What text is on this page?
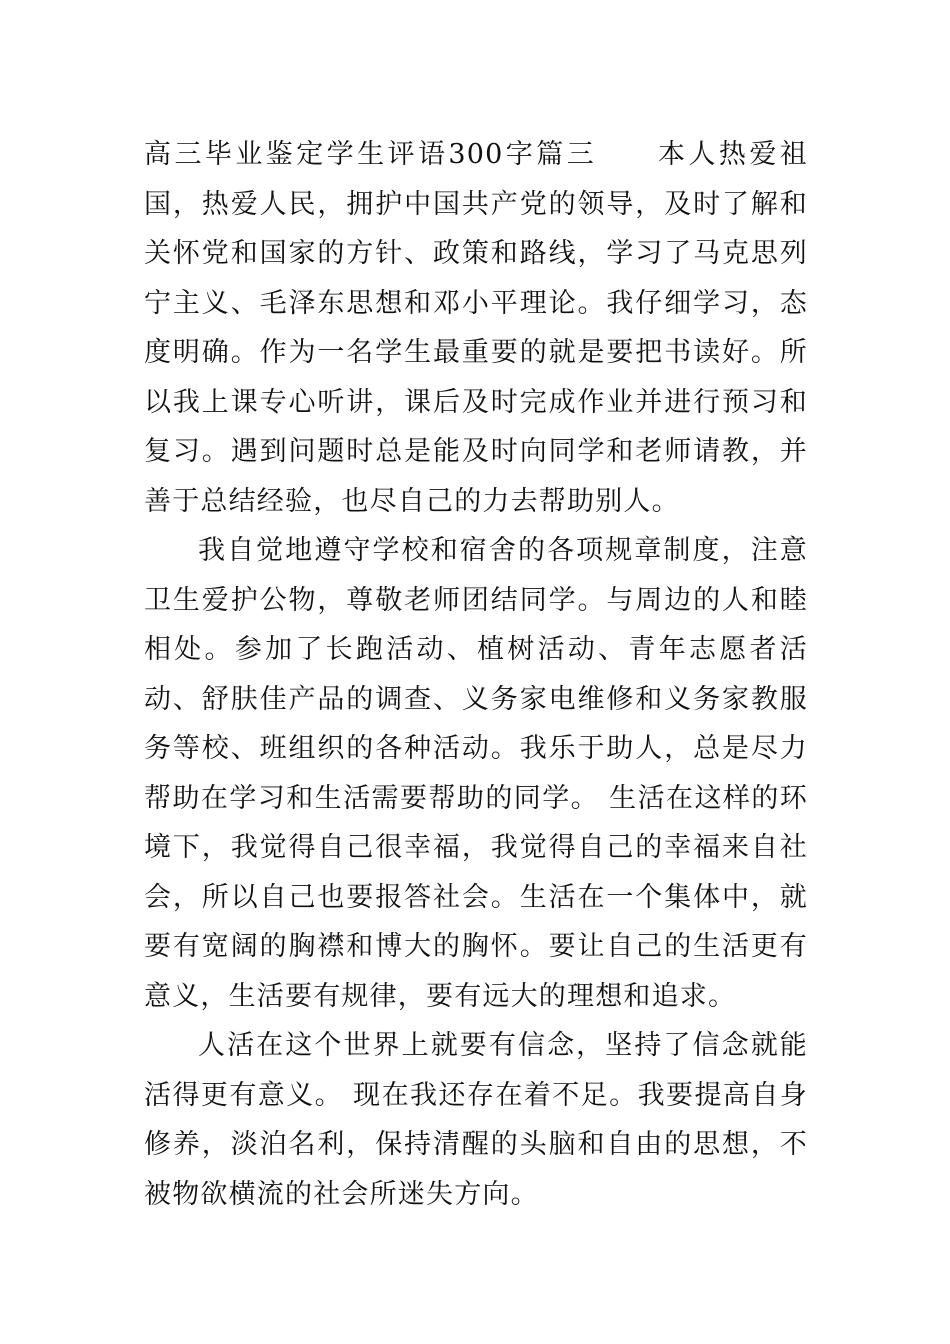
高三毕业鉴定学生评语300字篇三　　本人热爱祖国，热爱人民，拥护中国共产党的领导，及时了解和关怀党和国家的方针、政策和路线，学习了马克思列宁主义、毛泽东思想和邓小平理论。我仔细学习，态度明确。作为一名学生最重要的就是要把书读好。所以我上课专心听讲，课后及时完成作业并进行预习和复习。遇到问题时总是能及时向同学和老师请教，并善于总结经验，也尽自己的力去帮助别人。

我自觉地遵守学校和宿舍的各项规章制度，注意卫生爱护公物，尊敬老师团结同学。与周边的人和睦相处。参加了长跑活动、植树活动、青年志愿者活动、舒肤佳产品的调查、义务家电维修和义务家教服务等校、班组织的各种活动。我乐于助人，总是尽力帮助在学习和生活需要帮助的同学。 生活在这样的环境下，我觉得自己很幸福，我觉得自己的幸福来自社会，所以自己也要报答社会。生活在一个集体中，就要有宽阔的胸襟和博大的胸怀。要让自己的生活更有意义，生活要有规律，要有远大的理想和追求。

人活在这个世界上就要有信念，坚持了信念就能活得更有意义。 现在我还存在着不足。我要提高自身修养，淡泊名利，保持清醒的头脑和自由的思想，不被物欲横流的社会所迷失方向。
